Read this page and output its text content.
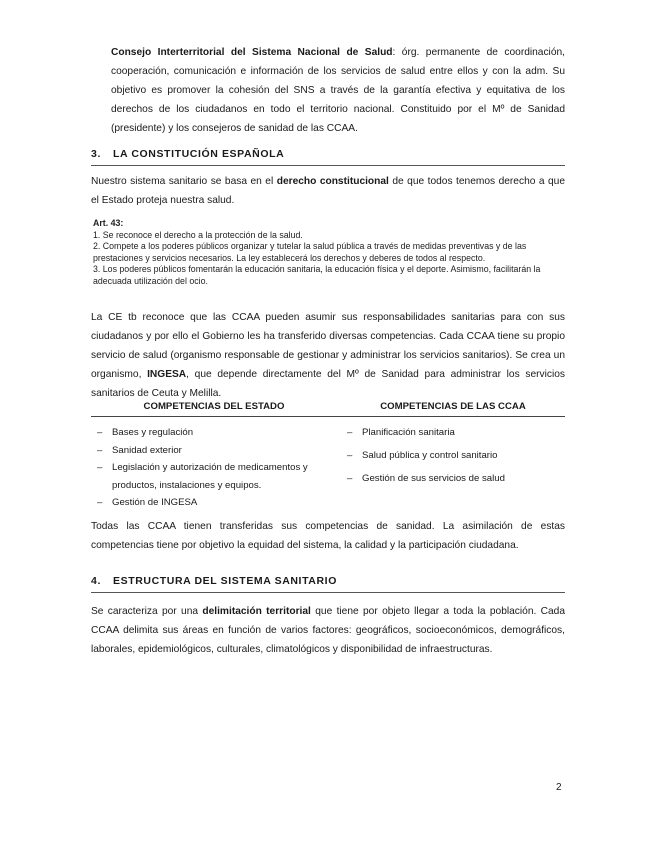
Consejo Interterritorial del Sistema Nacional de Salud: órg. permanente de coordinación, cooperación, comunicación e información de los servicios de salud entre ellos y con la adm. Su objetivo es promover la cohesión del SNS a través de la garantía efectiva y equitativa de los derechos de los ciudadanos en todo el territorio nacional. Constituido por el Mº de Sanidad (presidente) y los consejeros de sanidad de las CCAA.
3. LA CONSTITUCIÓN ESPAÑOLA
Nuestro sistema sanitario se basa en el derecho constitucional de que todos tenemos derecho a que el Estado proteja nuestra salud.
Art. 43:
1. Se reconoce el derecho a la protección de la salud.
2. Compete a los poderes públicos organizar y tutelar la salud pública a través de medidas preventivas y de las prestaciones y servicios necesarios. La ley establecerá los derechos y deberes de todos al respecto.
3. Los poderes públicos fomentarán la educación sanitaria, la educación física y el deporte. Asimismo, facilitarán la adecuada utilización del ocio.
La CE tb reconoce que las CCAA pueden asumir sus responsabilidades sanitarias para con sus ciudadanos y por ello el Gobierno les ha transferido diversas competencias. Cada CCAA tiene su propio servicio de salud (organismo responsable de gestionar y administrar los servicios sanitarios). Se crea un organismo, INGESA, que depende directamente del Mº de Sanidad para administrar los servicios sanitarios de Ceuta y Melilla.
COMPETENCIAS DEL ESTADO	COMPETENCIAS DE LAS CCAA
– Bases y regulación
– Sanidad exterior
– Legislación y autorización de medicamentos y productos, instalaciones y equipos.
– Gestión de INGESA
– Planificación sanitaria
– Salud pública y control sanitario
– Gestión de sus servicios de salud
Todas las CCAA tienen transferidas sus competencias de sanidad. La asimilación de estas competencias tiene por objetivo la equidad del sistema, la calidad y la participación ciudadana.
4. ESTRUCTURA DEL SISTEMA SANITARIO
Se caracteriza por una delimitación territorial que tiene por objeto llegar a toda la población. Cada CCAA delimita sus áreas en función de varios factores: geográficos, socioeconómicos, demográficos, laborales, epidemiológicos, culturales, climatológicos y disponibilidad de infraestructuras.
2
